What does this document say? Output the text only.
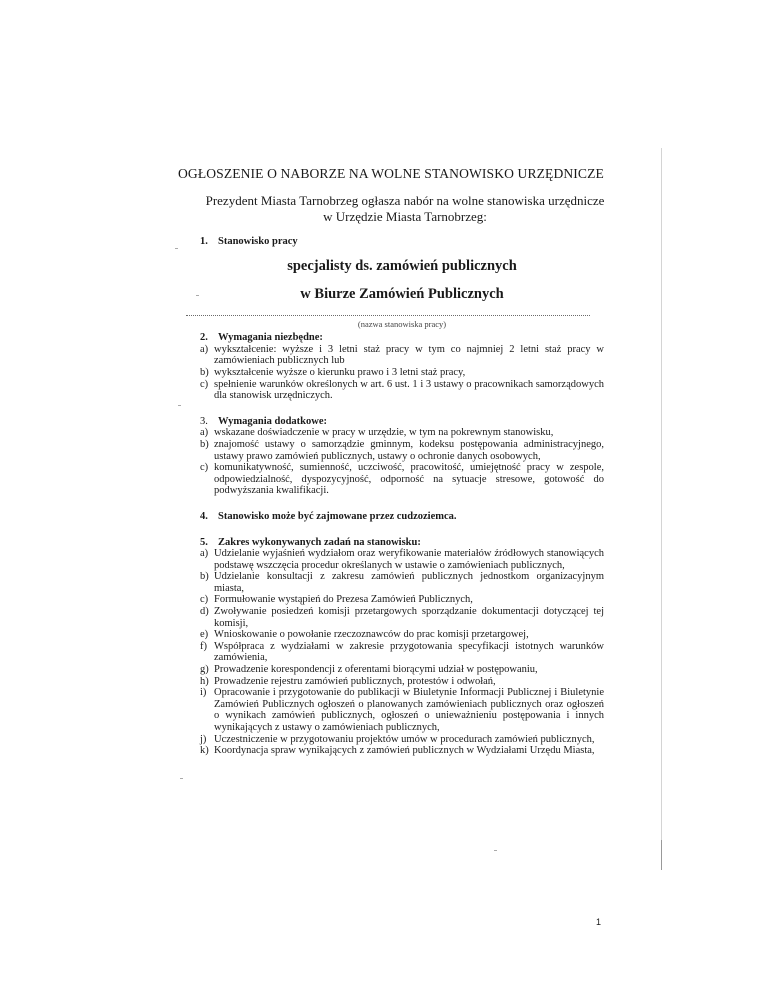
OGŁOSZENIE O NABORZE NA WOLNE STANOWISKO URZĘDNICZE
Prezydent Miasta Tarnobrzeg ogłasza nabór na wolne stanowiska urzędnicze
w Urzędzie Miasta Tarnobrzeg:
1. Stanowisko pracy
specjalisty ds. zamówień publicznych
w Biurze Zamówień Publicznych
(nazwa stanowiska pracy)
2. Wymagania niezbędne:
a) wykształcenie: wyższe i 3 letni staż pracy w tym co najmniej 2 letni staż pracy w zamówieniach publicznych lub
b) wykształcenie wyższe o kierunku prawo i 3 letni staż pracy,
c) spełnienie warunków określonych w art. 6 ust. 1 i 3 ustawy o pracownikach samorządowych dla stanowisk urzędniczych.
3. Wymagania dodatkowe:
a) wskazane doświadczenie w pracy w urzędzie, w tym na pokrewnym stanowisku,
b) znajomość ustawy o samorządzie gminnym, kodeksu postępowania administracyjnego, ustawy prawo zamówień publicznych, ustawy o ochronie danych osobowych,
c) komunikatywność, sumienność, uczciwość, pracowitość, umiejętność pracy w zespole, odpowiedzialność, dyspozycyjność, odporność na sytuacje stresowe, gotowość do podwyższania kwalifikacji.
4. Stanowisko może być zajmowane przez cudzoziemca.
5. Zakres wykonywanych zadań na stanowisku:
a) Udzielanie wyjaśnień wydziałom oraz weryfikowanie materiałów źródłowych stanowiących podstawę wszczęcia procedur określanych w ustawie o zamówieniach publicznych,
b) Udzielanie konsultacji z zakresu zamówień publicznych jednostkom organizacyjnym miasta,
c) Formułowanie wystąpień do Prezesa Zamówień Publicznych,
d) Zwoływanie posiedzeń komisji przetargowych sporządzanie dokumentacji dotyczącej tej komisji,
e) Wnioskowanie o powołanie rzeczoznawców do prac komisji przetargowej,
f) Współpraca z wydziałami w zakresie przygotowania specyfikacji istotnych warunków zamówienia,
g) Prowadzenie korespondencji z oferentami biorącymi udział w postępowaniu,
h) Prowadzenie rejestru zamówień publicznych, protestów i odwołań,
i) Opracowanie i przygotowanie do publikacji w Biuletynie Informacji Publicznej i Biuletynie Zamówień Publicznych ogłoszeń o planowanych zamówieniach publicznych oraz ogłoszeń o wynikach zamówień publicznych, ogłoszeń o unieważnieniu postępowania i innych wynikających z ustawy o zamówieniach publicznych,
j) Uczestniczenie w przygotowaniu projektów umów w procedurach zamówień publicznych,
k) Koordynacja spraw wynikających z zamówień publicznych w Wydziałami Urzędu Miasta,
1
